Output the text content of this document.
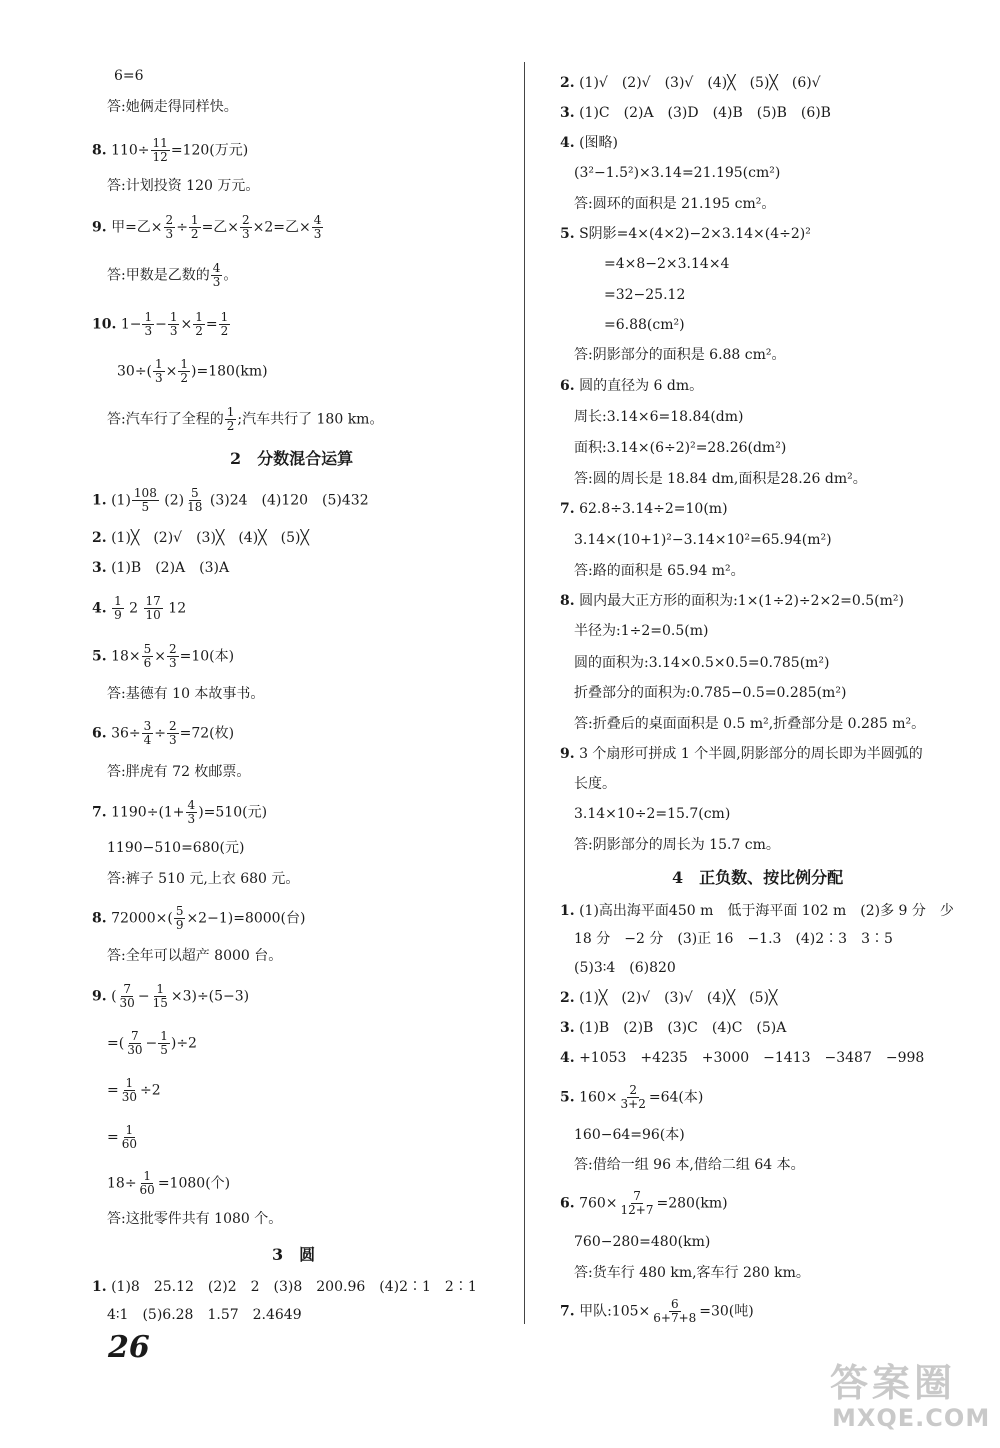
6=6
答:她俩走得同样快。
8. $110\div \frac{11}{12} =120$(万元)
答:计划投资 120 万元。
9. 甲=乙× $\frac{2}{3} \div \frac{1}{2}$ =乙× $\frac{2}{3} \times 2=$乙× $\frac{4}{3}$
答:甲数是乙数的 $\frac{4}{3}$ 。
10. $1- \frac{1}{3} - \frac{1}{3} \times \frac{1}{2} = \frac{1}{2}$
$30\div( \frac{1}{3} \times \frac{1}{2} )=180(km)$
答:汽车行了全程的 $\frac{1}{2}$ ;汽车共行了 180 km。
2　分数混合运算
1. $(1) \frac{108}{5} (2) \frac{5}{18} (3)24$　(4)120　(5)432
2. (1)╳　(2)√　(3)╳　(4)╳　(5)╳
3. (1)B　(2)A　(3)A
4. $\frac{1}{9} 2 \frac{17}{10} 12$
5. $18\times \frac{5}{6} \times \frac{2}{3} =10$(本)
答:基德有 10 本故事书。
6. $36\div \frac{3}{4} \div \frac{2}{3} =72$(枚)
答:胖虎有 72 枚邮票。
7. $1190\div(1+ \frac{4}{3} )=510$(元)
1190−510=680(元)
答:裤子 510 元,上衣 680 元。
8. $72000\times( \frac{5}{9} \times 2-1)=8000$(台)
答:全年可以超产 8000 台。
9. ( $\frac{7}{30} - \frac{1}{15} \times 3)\div(5-3)$
=( $\frac{7}{30} - \frac{1}{5} )\div 2$
= $\frac{1}{30} \div 2$
= $\frac{1}{60}$
$18\div \frac{1}{60} =1080$(个)
答:这批零件共有 1080 个。
3　圆
1. (1)8　25.12　(2)2　2　(3)8　200.96　(4)2∶1　2∶1
4∶1　(5)6.28　1.57　2.4649
2. (1)√　(2)√　(3)√　(4)╳　(5)╳　(6)√
3. (1)C　(2)A　(3)D　(4)B　(5)B　(6)B
4. (图略)
(3²−1.5²)×3.14=21.195(cm²)
答:圆环的面积是 21.195 cm²。
5. S阴影=4×(4×2)−2×3.14×(4÷2)²
=4×8−2×3.14×4
=32−25.12
=6.88(cm²)
答:阴影部分的面积是 6.88 cm²。
6. 圆的直径为 6 dm。
周长:3.14×6=18.84(dm)
面积:3.14×(6÷2)²=28.26(dm²)
答:圆的周长是 18.84 dm,面积是28.26 dm²。
7. 62.8÷3.14÷2=10(m)
3.14×(10+1)²−3.14×10²=65.94(m²)
答:路的面积是 65.94 m²。
8. 圆内最大正方形的面积为:1×(1÷2)÷2×2=0.5(m²)
半径为:1÷2=0.5(m)
圆的面积为:3.14×0.5×0.5=0.785(m²)
折叠部分的面积为:0.785−0.5=0.285(m²)
答:折叠后的桌面面积是 0.5 m²,折叠部分是 0.285 m²。
9. 3 个扇形可拼成 1 个半圆,阴影部分的周长即为半圆弧的
长度。
3.14×10÷2=15.7(cm)
答:阴影部分的周长为 15.7 cm。
4　正负数、按比例分配
1. (1)高出海平面450 m　低于海平面 102 m　(2)多 9 分　少
18 分　−2 分　(3)正 16　−1.3　(4)2∶3　3∶5
(5)3∶4　(6)820
2. (1)╳　(2)√　(3)√　(4)╳　(5)╳
3. (1)B　(2)B　(3)C　(4)C　(5)A
4. +1053　+4235　+3000　−1413　−3487　−998
5. $160\times \frac{2}{3+2} =64$(本)
160−64=96(本)
答:借给一组 96 本,借给二组 64 本。
6. $760\times \frac{7}{12+7} =280(km)$
760−280=480(km)
答:货车行 480 km,客车行 280 km。
7. 甲队:105× $\frac{6}{6+7+8} =30$(吨)
26
答案圈
MXQE.COM
